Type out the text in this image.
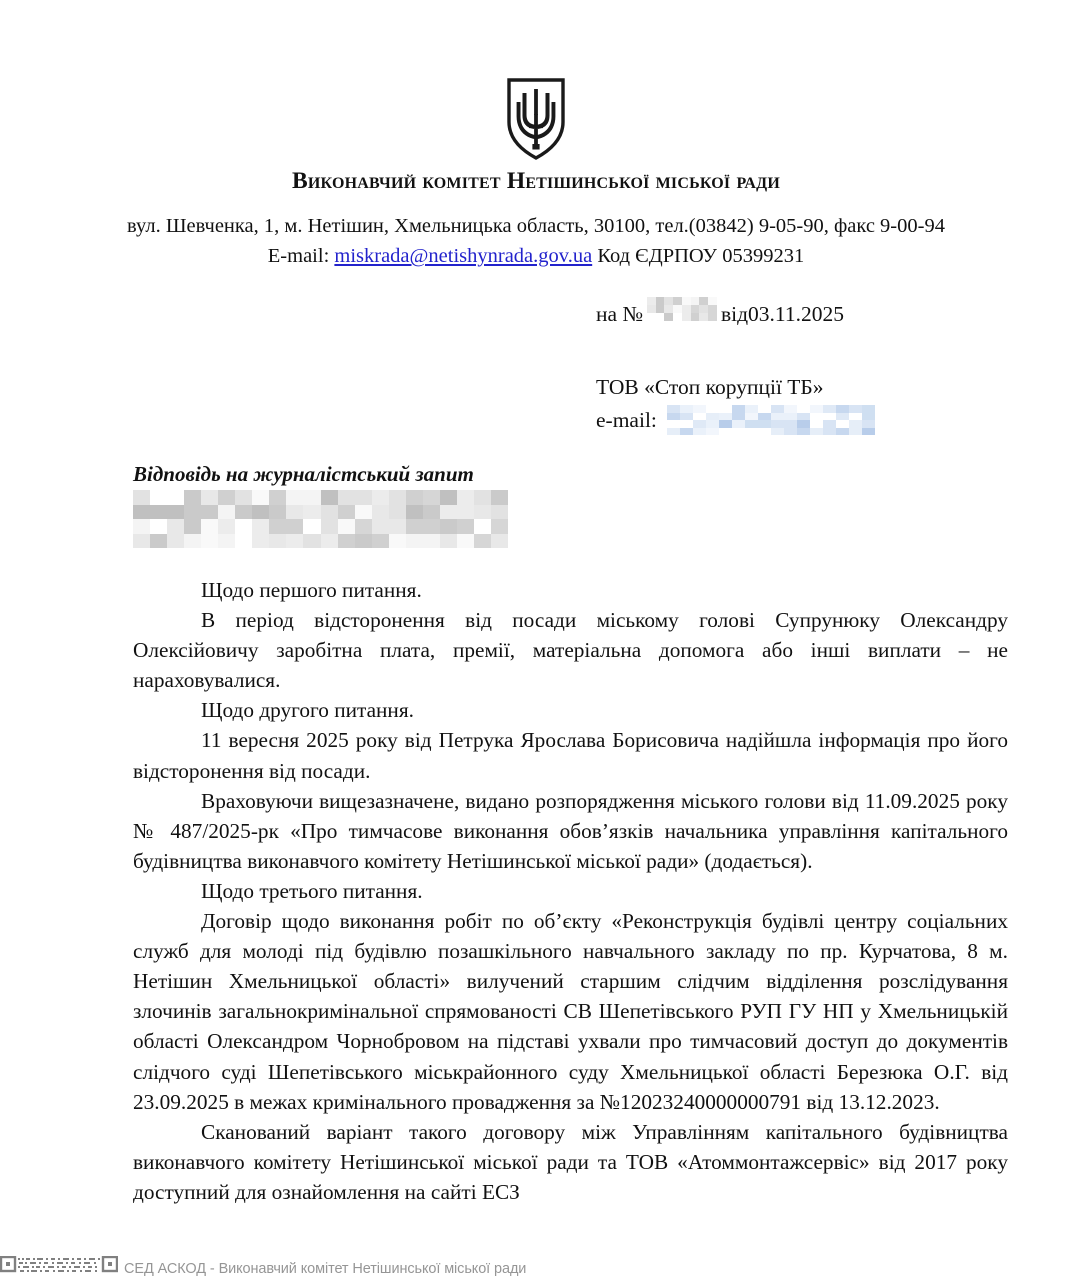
Виконавчий комітет Нетішинської міської ради
вул. Шевченка, 1, м. Нетішин, Хмельницька область, 30100, тел.(03842) 9-05-90, факс 9-00-94
E-mail: miskrada@netishynrada.gov.ua Код ЄДРПОУ 05399231
на №	від 03.11.2025
ТОВ «Стоп корупції ТБ»
e-mail:
Відповідь на журналістський запит

Щодо першого питання.

В період відсторонення від посади міському голові Супрунюку Олександру Олексійовичу заробітна плата, премії, матеріальна допомога або інші виплати – не нараховувалися.

Щодо другого питання.

11 вересня 2025 року від Петрука Ярослава Борисовича надійшла інформація про його відсторонення від посади.

Враховуючи вищезазначене, видано розпорядження міського голови від 11.09.2025 року № 487/2025-рк «Про тимчасове виконання обов’язків начальника управління капітального будівництва виконавчого комітету Нетішинської міської ради» (додається).

Щодо третього питання.

Договір щодо виконання робіт по об’єкту «Реконструкція будівлі центру соціальних служб для молоді під будівлю позашкільного навчального закладу по пр. Курчатова, 8 м. Нетішин Хмельницької області» вилучений старшим слідчим відділення розслідування злочинів загальнокримінальної спрямованості СВ Шепетівського РУП ГУ НП у Хмельницькій області Олександром Чорнобровом на підставі ухвали про тимчасовий доступ до документів слідчого суді Шепетівського міськрайонного суду Хмельницької області Березюка О.Г. від 23.09.2025 в межах кримінального провадження за №12023240000000791 від 13.12.2023.

Сканований варіант такого договору між Управлінням капітального будівництва виконавчого комітету Нетішинської міської ради та ТОВ «Атоммонтажсервіс» від 2017 року доступний для ознайомлення на сайті ЕСЗ

СЕД АСКОД - Виконавчий комітет Нетішинської міської ради
